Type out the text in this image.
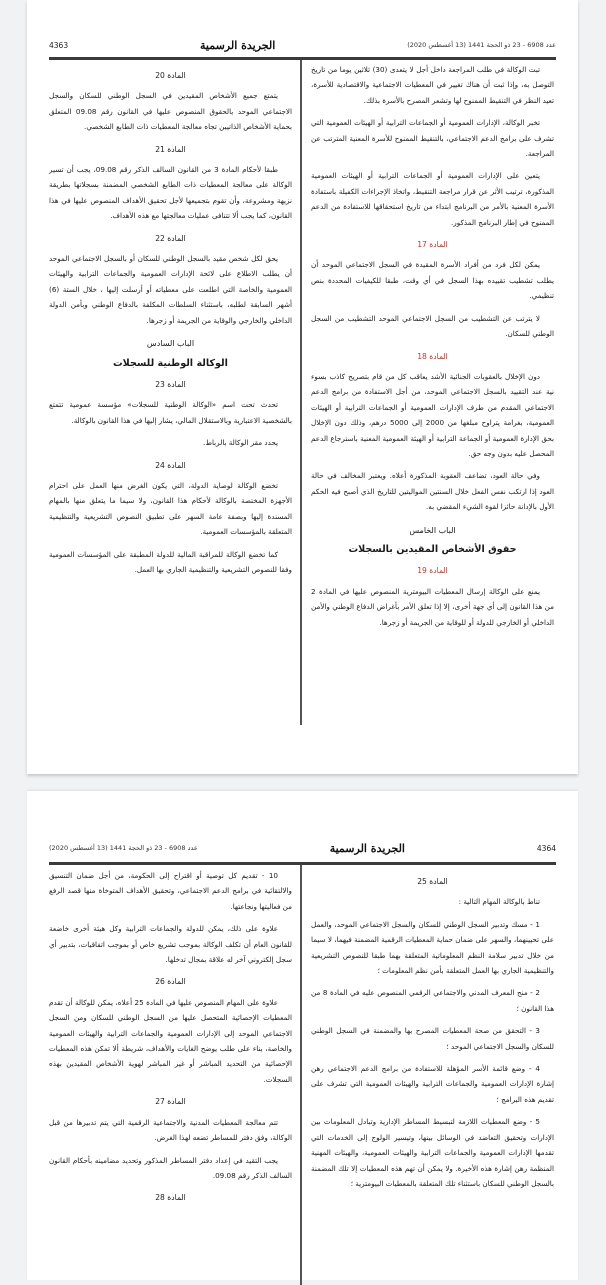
4363	الجريدة الرسمية	عدد 6908 - 23 ذو الحجة 1441 (13 أغسطس 2020)

تبت الوكالة في طلب المراجعة داخل أجل لا يتعدى (30) ثلاثين يوما من تاريخ التوصل به، وإذا ثبت أن هناك تغيير في المعطيات الاجتماعية والاقتصادية للأسرة، تعيد النظر في التنقيط الممنوح لها وتشعر المصرح بالأسرة بذلك.

تخبر الوكالة، الإدارات العمومية أو الجماعات الترابية أو الهيئات العمومية التي تشرف على برامج الدعم الاجتماعي، بالتنقيط الممنوح للأسرة المعنية المترتب عن المراجعة.

يتعين على الإدارات العمومية أو الجماعات الترابية أو الهيئات العمومية المذكورة، ترتيب الأثر عن قرار مراجعة التنقيط، واتخاذ الإجراءات الكفيلة باستفادة الأسرة المعنية بالأمر من البرنامج ابتداء من تاريخ استحقاقها للاستفادة من الدعم الممنوح في إطار البرنامج المذكور.

المادة 17

يمكن لكل فرد من أفراد الأسرة المقيدة في السجل الاجتماعي الموحد أن يطلب تشطيب تقييده بهذا السجل في أي وقت، طبقا للكيفيات المحددة بنص تنظيمي.

لا يترتب عن التشطيب من السجل الاجتماعي الموحد التشطيب من السجل الوطني للسكان.

المادة 18

دون الإخلال بالعقوبات الجنائية الأشد يعاقب كل من قام بتصريح كاذب بسوء نية عند التقييد بالسجل الاجتماعي الموحد، من أجل الاستفادة من برامج الدعم الاجتماعي المقدم من طرف الإدارات العمومية أو الجماعات الترابية أو الهيئات العمومية، بغرامة يتراوح مبلغها من 2000 إلى 5000 درهم، وذلك دون الإخلال بحق الإدارة العمومية أو الجماعة الترابية أو الهيئة العمومية المعنية باسترجاع الدعم المحصل عليه بدون وجه حق.

وفي حالة العود، تضاعف العقوبة المذكورة أعلاه. ويعتبر المخالف في حالة العود إذا ارتكب نفس الفعل خلال السنتين المواليتين للتاريخ الذي أصبح فيه الحكم الأول بالإدانة حائزا لقوة الشيء المقضي به.

الباب الخامس
حقوق الأشخاص المقيدين بالسجلات
المادة 19

يمنع على الوكالة إرسال المعطيات البيومترية المنصوص عليها في المادة 2 من هذا القانون إلى أي جهة أخرى، إلا إذا تعلق الأمر بأغراض الدفاع الوطني والأمن الداخلي أو الخارجي للدولة أو للوقاية من الجريمة أو زجرها.

المادة 20

يتمتع جميع الأشخاص المقيدين في السجل الوطني للسكان والسجل الاجتماعي الموحد بالحقوق المنصوص عليها في القانون رقم 09.08 المتعلق بحماية الأشخاص الذاتيين تجاه معالجة المعطيات ذات الطابع الشخصي.

المادة 21

طبقا لأحكام المادة 3 من القانون السالف الذكر رقم 09.08، يجب أن تسير الوكالة على معالجة المعطيات ذات الطابع الشخصي المضمنة بسجلاتها بطريقة نزيهة ومشروعة، وأن تقوم بتجميعها لأجل تحقيق الأهداف المنصوص عليها في هذا القانون، كما يجب ألا تتنافى عمليات معالجتها مع هذه الأهداف.

المادة 22

يحق لكل شخص مقيد بالسجل الوطني للسكان أو بالسجل الاجتماعي الموحد أن يطلب الاطلاع على لائحة الإدارات العمومية والجماعات الترابية والهيئات العمومية والخاصة التي اطلعت على معطياته أو أرسلت إليها ، خلال الستة (6) أشهر السابقة لطلبه، باستثناء السلطات المكلفة بالدفاع الوطني وبأمن الدولة الداخلي والخارجي والوقاية من الجريمة أو زجرها.

الباب السادس
الوكالة الوطنية للسجلات
المادة 23

تحدث تحت اسم «الوكالة الوطنية للسجلات» مؤسسة عمومية تتمتع بالشخصية الاعتبارية وبالاستقلال المالي، يشار إليها في هذا القانون بالوكالة.

يحدد مقر الوكالة بالرباط.

المادة 24

تخضع الوكالة لوصاية الدولة، التي يكون الغرض منها العمل على احترام الأجهزة المختصة بالوكالة لأحكام هذا القانون، ولا سيما ما يتعلق منها بالمهام المسندة إليها وبصفة عامة السهر على تطبيق النصوص التشريعية والتنظيمية المتعلقة بالمؤسسات العمومية.

كما تخضع الوكالة للمراقبة المالية للدولة المطبقة على المؤسسات العمومية وفقا للنصوص التشريعية والتنظيمية الجاري بها العمل.

عدد 6908 - 23 ذو الحجة 1441 (13 أغسطس 2020)	الجريدة الرسمية	4364
المادة 25

تناط بالوكالة المهام التالية :

1 - مسك وتدبير السجل الوطني للسكان والسجل الاجتماعي الموحد، والعمل على تحيينهما، والسهر على ضمان حماية المعطيات الرقمية المضمنة فيهما، لا سيما من خلال تدبير سلامة النظم المعلوماتية المتعلقة بهما طبقا للنصوص التشريعية والتنظيمية الجاري بها العمل المتعلقة بأمن نظم المعلومات ؛

2 - منح المعرف المدني والاجتماعي الرقمي المنصوص عليه في المادة 8 من هذا القانون ؛

3 - التحقق من صحة المعطيات المصرح بها والمضمنة في السجل الوطني للسكان والسجل الاجتماعي الموحد ؛

4 - وضع قائمة الأسر المؤهلة للاستفادة من برامج الدعم الاجتماعي رهن إشارة الإدارات العمومية والجماعات الترابية والهيئات العمومية التي تشرف على تقديم هذه البرامج ؛

5 - وضع المعطيات اللازمة لتبسيط المساطر الإدارية وتبادل المعلومات بين الإدارات وتحقيق التعاضد في الوسائل بينها، وتيسير الولوج إلى الخدمات التي تقدمها الإدارات العمومية والجماعات الترابية والهيئات العمومية، والهيئات المهنية المنظمة رهن إشارة هذه الأخيرة. ولا يمكن أن تهم هذه المعطيات إلا تلك المضمنة بالسجل الوطني للسكان باستثناء تلك المتعلقة بالمعطيات البيومترية ؛

10 - تقديم كل توصية أو اقتراح إلى الحكومة، من أجل ضمان التنسيق والالتقائية في برامج الدعم الاجتماعي، وتحقيق الأهداف المتوخاة منها قصد الرفع من فعاليتها ونجاعتها.

علاوة على ذلك، يمكن للدولة والجماعات الترابية وكل هيئة أخرى خاضعة للقانون العام أن تكلف الوكالة بموجب تشريع خاص أو بموجب اتفاقيات، بتدبير أي سجل إلكتروني آخر له علاقة بمجال تدخلها.

المادة 26

علاوة على المهام المنصوص عليها في المادة 25 أعلاه، يمكن للوكالة أن تقدم المعطيات الإحصائية المتحصل عليها من السجل الوطني للسكان ومن السجل الاجتماعي الموحد إلى الإدارات العمومية والجماعات الترابية والهيئات العمومية والخاصة، بناء على طلب يوضح الغايات والأهداف، شريطة ألا تمكن هذه المعطيات الإحصائية من التحديد المباشر أو غير المباشر لهوية الأشخاص المقيدين بهذه السجلات.

المادة 27

تتم معالجة المعطيات المدنية والاجتماعية الرقمية التي يتم تدبيرها من قبل الوكالة، وفق دفتر للمساطر تضعه لهذا الغرض.

يجب التقيد في إعداد دفتر المساطر المذكور وتحديد مضامينه بأحكام القانون السالف الذكر رقم 09.08.

المادة 28
